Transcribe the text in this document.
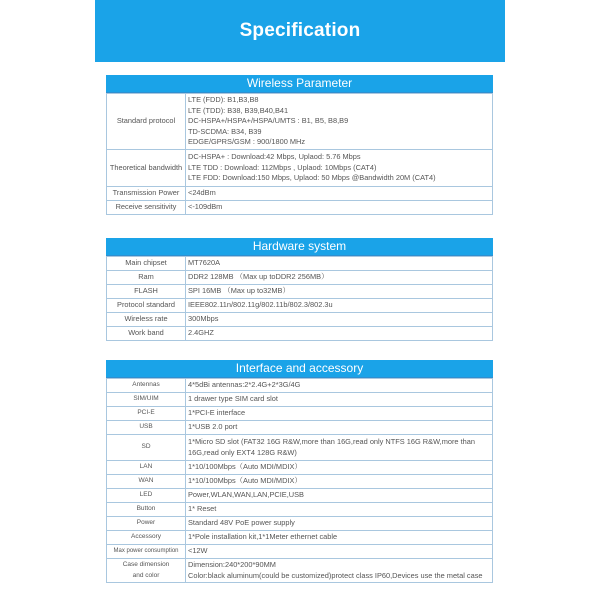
Specification
Wireless Parameter
Standard protocol	LTE (FDD): B1,B3,B8
LTE (TDD): B38, B39,B40,B41
DC-HSPA+/HSPA+/HSPA/UMTS : B1, B5, B8,B9
TD-SCDMA: B34, B39
EDGE/GPRS/GSM : 900/1800 MHz

Theoretical bandwidth	DC-HSPA+ : Download:42 Mbps, Uplaod: 5.76 Mbps
LTE TDD : Download: 112Mbps , Uplaod: 10Mbps (CAT4)
LTE FDD: Download:150 Mbps, Uplaod: 50 Mbps @Bandwidth 20M (CAT4)

Transmission Power	<24dBm
Receive sensitivity	<-109dBm
Hardware system
Main chipset	MT7620A
Ram	DDR2 128MB （Max up toDDR2 256MB）
FLASH	SPI 16MB （Max up to32MB）
Protocol standard	IEEE802.11n/802.11g/802.11b/802.3/802.3u
Wireless rate	300Mbps
Work band	2.4GHZ
Interface and accessory
Antennas	4*5dBi antennas:2*2.4G+2*3G/4G
SIM/UIM	1 drawer type SIM card slot
PCI-E	1*PCI-E interface
USB	1*USB 2.0 port
SD	1*Micro SD slot (FAT32 16G R&W,more than 16G,read only NTFS 16G R&W,more than 16G,read only EXT4 128G R&W)

LAN	1*10/100Mbps（Auto MDI/MDIX）
WAN	1*10/100Mbps（Auto MDI/MDIX）
LED	Power,WLAN,WAN,LAN,PCIE,USB
Button	1* Reset
Power	Standard 48V PoE power supply
Accessory	1*Pole installation kit,1*1Meter ethernet cable
Max power consumption	<12W

Case dimension
and color	Dimension:240*200*90MM
Color:black aluminum(could be customized)protect class IP60,Devices use the metal case
